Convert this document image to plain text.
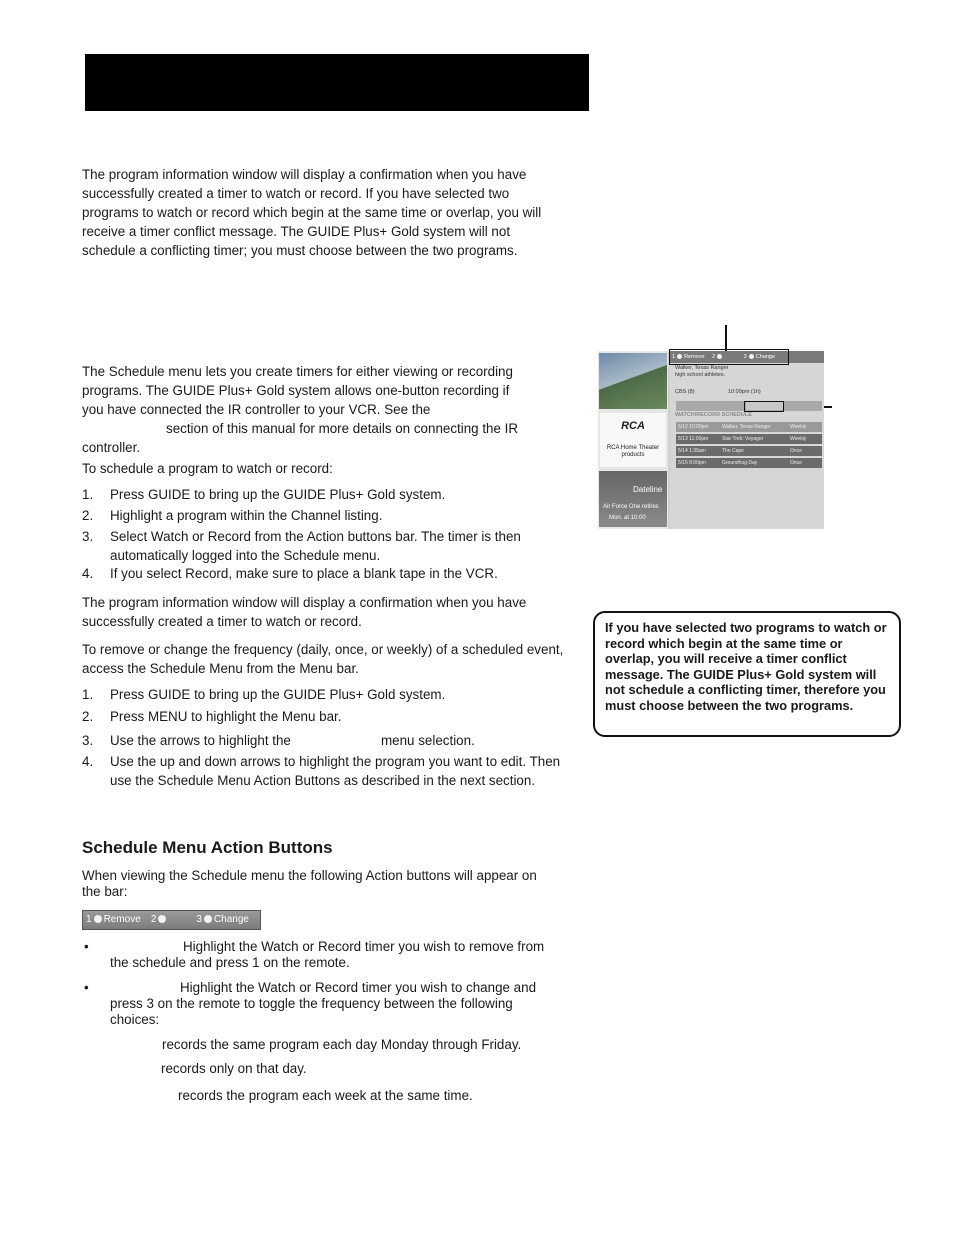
The program information window will display a confirmation when you have successfully created a timer to watch or record. If you have selected two programs to watch or record which begin at the same time or overlap, you will receive a timer conflict message. The GUIDE Plus+ Gold system will not schedule a conflicting timer; you must choose between the two programs.
The Schedule menu lets you create timers for either viewing or recording
programs. The GUIDE Plus+ Gold system allows one-button recording if
you have connected the IR controller to your VCR. See the
section of this manual for more details on connecting the IR
controller.
To schedule a program to watch or record:
1. Press GUIDE to bring up the GUIDE Plus+ Gold system.
2. Highlight a program within the Channel listing.
3. Select Watch or Record from the Action buttons bar. The timer is then automatically logged into the Schedule menu.
4. If you select Record, make sure to place a blank tape in the VCR.
The program information window will display a confirmation when you have successfully created a timer to watch or record.
To remove or change the frequency (daily, once, or weekly) of a scheduled event, access the Schedule Menu from the Menu bar.
1. Press GUIDE to bring up the GUIDE Plus+ Gold system.
2. Press MENU to highlight the Menu bar.
3. Use the arrows to highlight the	menu selection.
4. Use the up and down arrows to highlight the program you want to edit. Then use the Schedule Menu Action Buttons as described in the next section.
Schedule Menu Action Buttons
When viewing the Schedule menu the following Action buttons will appear on the bar:
1 Remove 2	3 Change
•	Highlight the Watch or Record timer you wish to remove from the schedule and press 1 on the remote.
•	Highlight the Watch or Record timer you wish to change and press 3 on the remote to toggle the frequency between the following choices:
records the same program each day Monday through Friday.
records only on that day.
records the program each week at the same time.
RCA
RCA Home Theater products
Dateline
Air Force One retires
Mon. at 10:00
1 Remove 2	3 Change
Walker, Texas Ranger
high school athletes.
CBS (8)	10:00pm (1h)
WATCH/RECORD SCHEDULE
5/12 10:00pm	Walker, Texas Ranger	Weekly
5/13 11:00pm	Star Trek: Voyager	Weekly
5/14 1:35am	The Cape	Once
5/15 8:00pm	Groundhog Day	Once
If you have selected two programs to watch or record which begin at the same time or overlap, you will receive a timer conflict message. The GUIDE Plus+ Gold system will not schedule a conflicting timer, therefore you must choose between the two programs.
